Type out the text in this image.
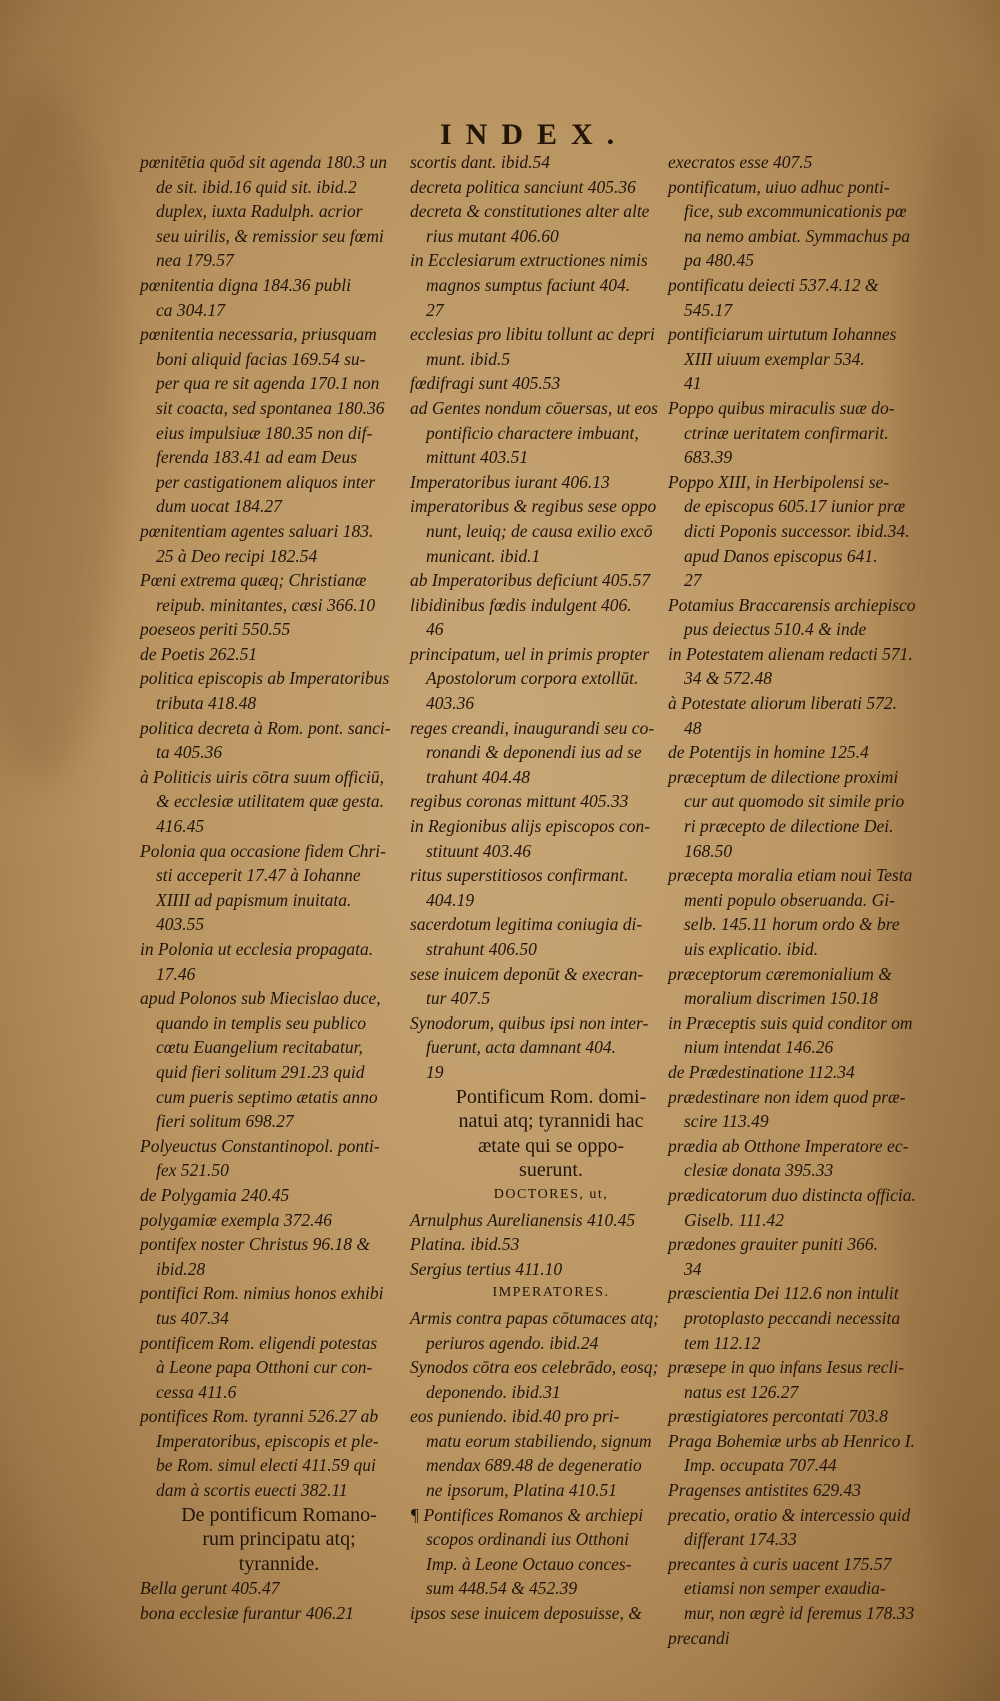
INDEX.
pœnitētia quōd sit agenda 180.3 un
de sit. ibid.16 quid sit. ibid.2
duplex, iuxta Radulph. acrior
seu uirilis, & remissior seu fœmi
nea 179.57
pœnitentia digna 184.36 publi
ca 304.17
pœnitentia necessaria, priusquam
boni aliquid facias 169.54 su-
per qua re sit agenda 170.1 non
sit coacta, sed spontanea 180.36
eius impulsiuæ 180.35 non dif-
ferenda 183.41 ad eam Deus
per castigationem aliquos inter
dum uocat 184.27
pœnitentiam agentes saluari 183.
25 à Deo recipi 182.54
Pœni extrema quæq; Christianæ
reipub. minitantes, cæsi 366.10
poeseos periti 550.55
de Poetis 262.51
politica episcopis ab Imperatoribus
tributa 418.48
politica decreta à Rom. pont. sanci-
ta 405.36
à Politicis uiris cōtra suum officiū,
& ecclesiæ utilitatem quæ gesta.
416.45
Polonia qua occasione fidem Chri-
sti acceperit 17.47 à Iohanne
XIIII ad papismum inuitata.
403.55
in Polonia ut ecclesia propagata.
17.46
apud Polonos sub Miecislao duce,
quando in templis seu publico
cœtu Euangelium recitabatur,
quid fieri solitum 291.23 quid
cum pueris septimo ætatis anno
fieri solitum 698.27
Polyeuctus Constantinopol. ponti-
fex 521.50
de Polygamia 240.45
polygamiæ exempla 372.46
pontifex noster Christus 96.18 &
ibid.28
pontifici Rom. nimius honos exhibi
tus 407.34
pontificem Rom. eligendi potestas
à Leone papa Otthoni cur con-
cessa 411.6
pontifices Rom. tyranni 526.27 ab
Imperatoribus, episcopis et ple-
be Rom. simul electi 411.59 qui
dam à scortis euecti 382.11
De pontificum Romano-
rum principatu atq;
tyrannide.
Bella gerunt 405.47
bona ecclesiæ furantur 406.21
scortis dant. ibid.54
decreta politica sanciunt 405.36
decreta & constitutiones alter alte
rius mutant 406.60
in Ecclesiarum extructiones nimis
magnos sumptus faciunt 404.
27
ecclesias pro libitu tollunt ac depri
munt. ibid.5
fœdifragi sunt 405.53
ad Gentes nondum cōuersas, ut eos
pontificio charactere imbuant,
mittunt 403.51
Imperatoribus iurant 406.13
imperatoribus & regibus sese oppo
nunt, leuiq; de causa exilio excō
municant. ibid.1
ab Imperatoribus deficiunt 405.57
libidinibus fœdis indulgent 406.
46
principatum, uel in primis propter
Apostolorum corpora extollūt.
403.36
reges creandi, inaugurandi seu co-
ronandi & deponendi ius ad se
trahunt 404.48
regibus coronas mittunt 405.33
in Regionibus alijs episcopos con-
stituunt 403.46
ritus superstitiosos confirmant.
404.19
sacerdotum legitima coniugia di-
strahunt 406.50
sese inuicem deponūt & execran-
tur 407.5
Synodorum, quibus ipsi non inter-
fuerunt, acta damnant 404.
19
Pontificum Rom. domi-
natui atq; tyrannidi hac
ætate qui se oppo-
suerunt.
DOCTORES, ut,
Arnulphus Aurelianensis 410.45
Platina. ibid.53
Sergius tertius 411.10
IMPERATORES.
Armis contra papas cōtumaces atq;
periuros agendo. ibid.24
Synodos cōtra eos celebrādo, eosq;
deponendo. ibid.31
eos puniendo. ibid.40 pro pri-
matu eorum stabiliendo, signum
mendax 689.48 de degeneratio
ne ipsorum, Platina 410.51
¶ Pontifices Romanos & archiepi
scopos ordinandi ius Otthoni
Imp. à Leone Octauo conces-
sum 448.54 & 452.39
ipsos sese inuicem deposuisse, &
execratos esse 407.5
pontificatum, uiuo adhuc ponti-
fice, sub excommunicationis pœ
na nemo ambiat. Symmachus pa
pa 480.45
pontificatu deiecti 537.4.12 &
545.17
pontificiarum uirtutum Iohannes
XIII uiuum exemplar 534.
41
Poppo quibus miraculis suæ do-
ctrinæ ueritatem confirmarit.
683.39
Poppo XIII, in Herbipolensi se-
de episcopus 605.17 iunior præ
dicti Poponis successor. ibid.34.
apud Danos episcopus 641.
27
Potamius Braccarensis archiepisco
pus deiectus 510.4 & inde
in Potestatem alienam redacti 571.
34 & 572.48
à Potestate aliorum liberati 572.
48
de Potentijs in homine 125.4
præceptum de dilectione proximi
cur aut quomodo sit simile prio
ri præcepto de dilectione Dei.
168.50
præcepta moralia etiam noui Testa
menti populo obseruanda. Gi-
selb. 145.11 horum ordo & bre
uis explicatio. ibid.
præceptorum cæremonialium &
moralium discrimen 150.18
in Præceptis suis quid conditor om
nium intendat 146.26
de Prædestinatione 112.34
prædestinare non idem quod præ-
scire 113.49
prædia ab Otthone Imperatore ec-
clesiæ donata 395.33
prædicatorum duo distincta officia.
Giselb. 111.42
prædones grauiter puniti 366.
34
præscientia Dei 112.6 non intulit
protoplasto peccandi necessita
tem 112.12
præsepe in quo infans Iesus recli-
natus est 126.27
præstigiatores percontati 703.8
Praga Bohemiæ urbs ab Henrico I.
Imp. occupata 707.44
Pragenses antistites 629.43
precatio, oratio & intercessio quid
differant 174.33
precantes à curis uacent 175.57
etiamsi non semper exaudia-
mur, non ægrè id feremus 178.33
precandi
